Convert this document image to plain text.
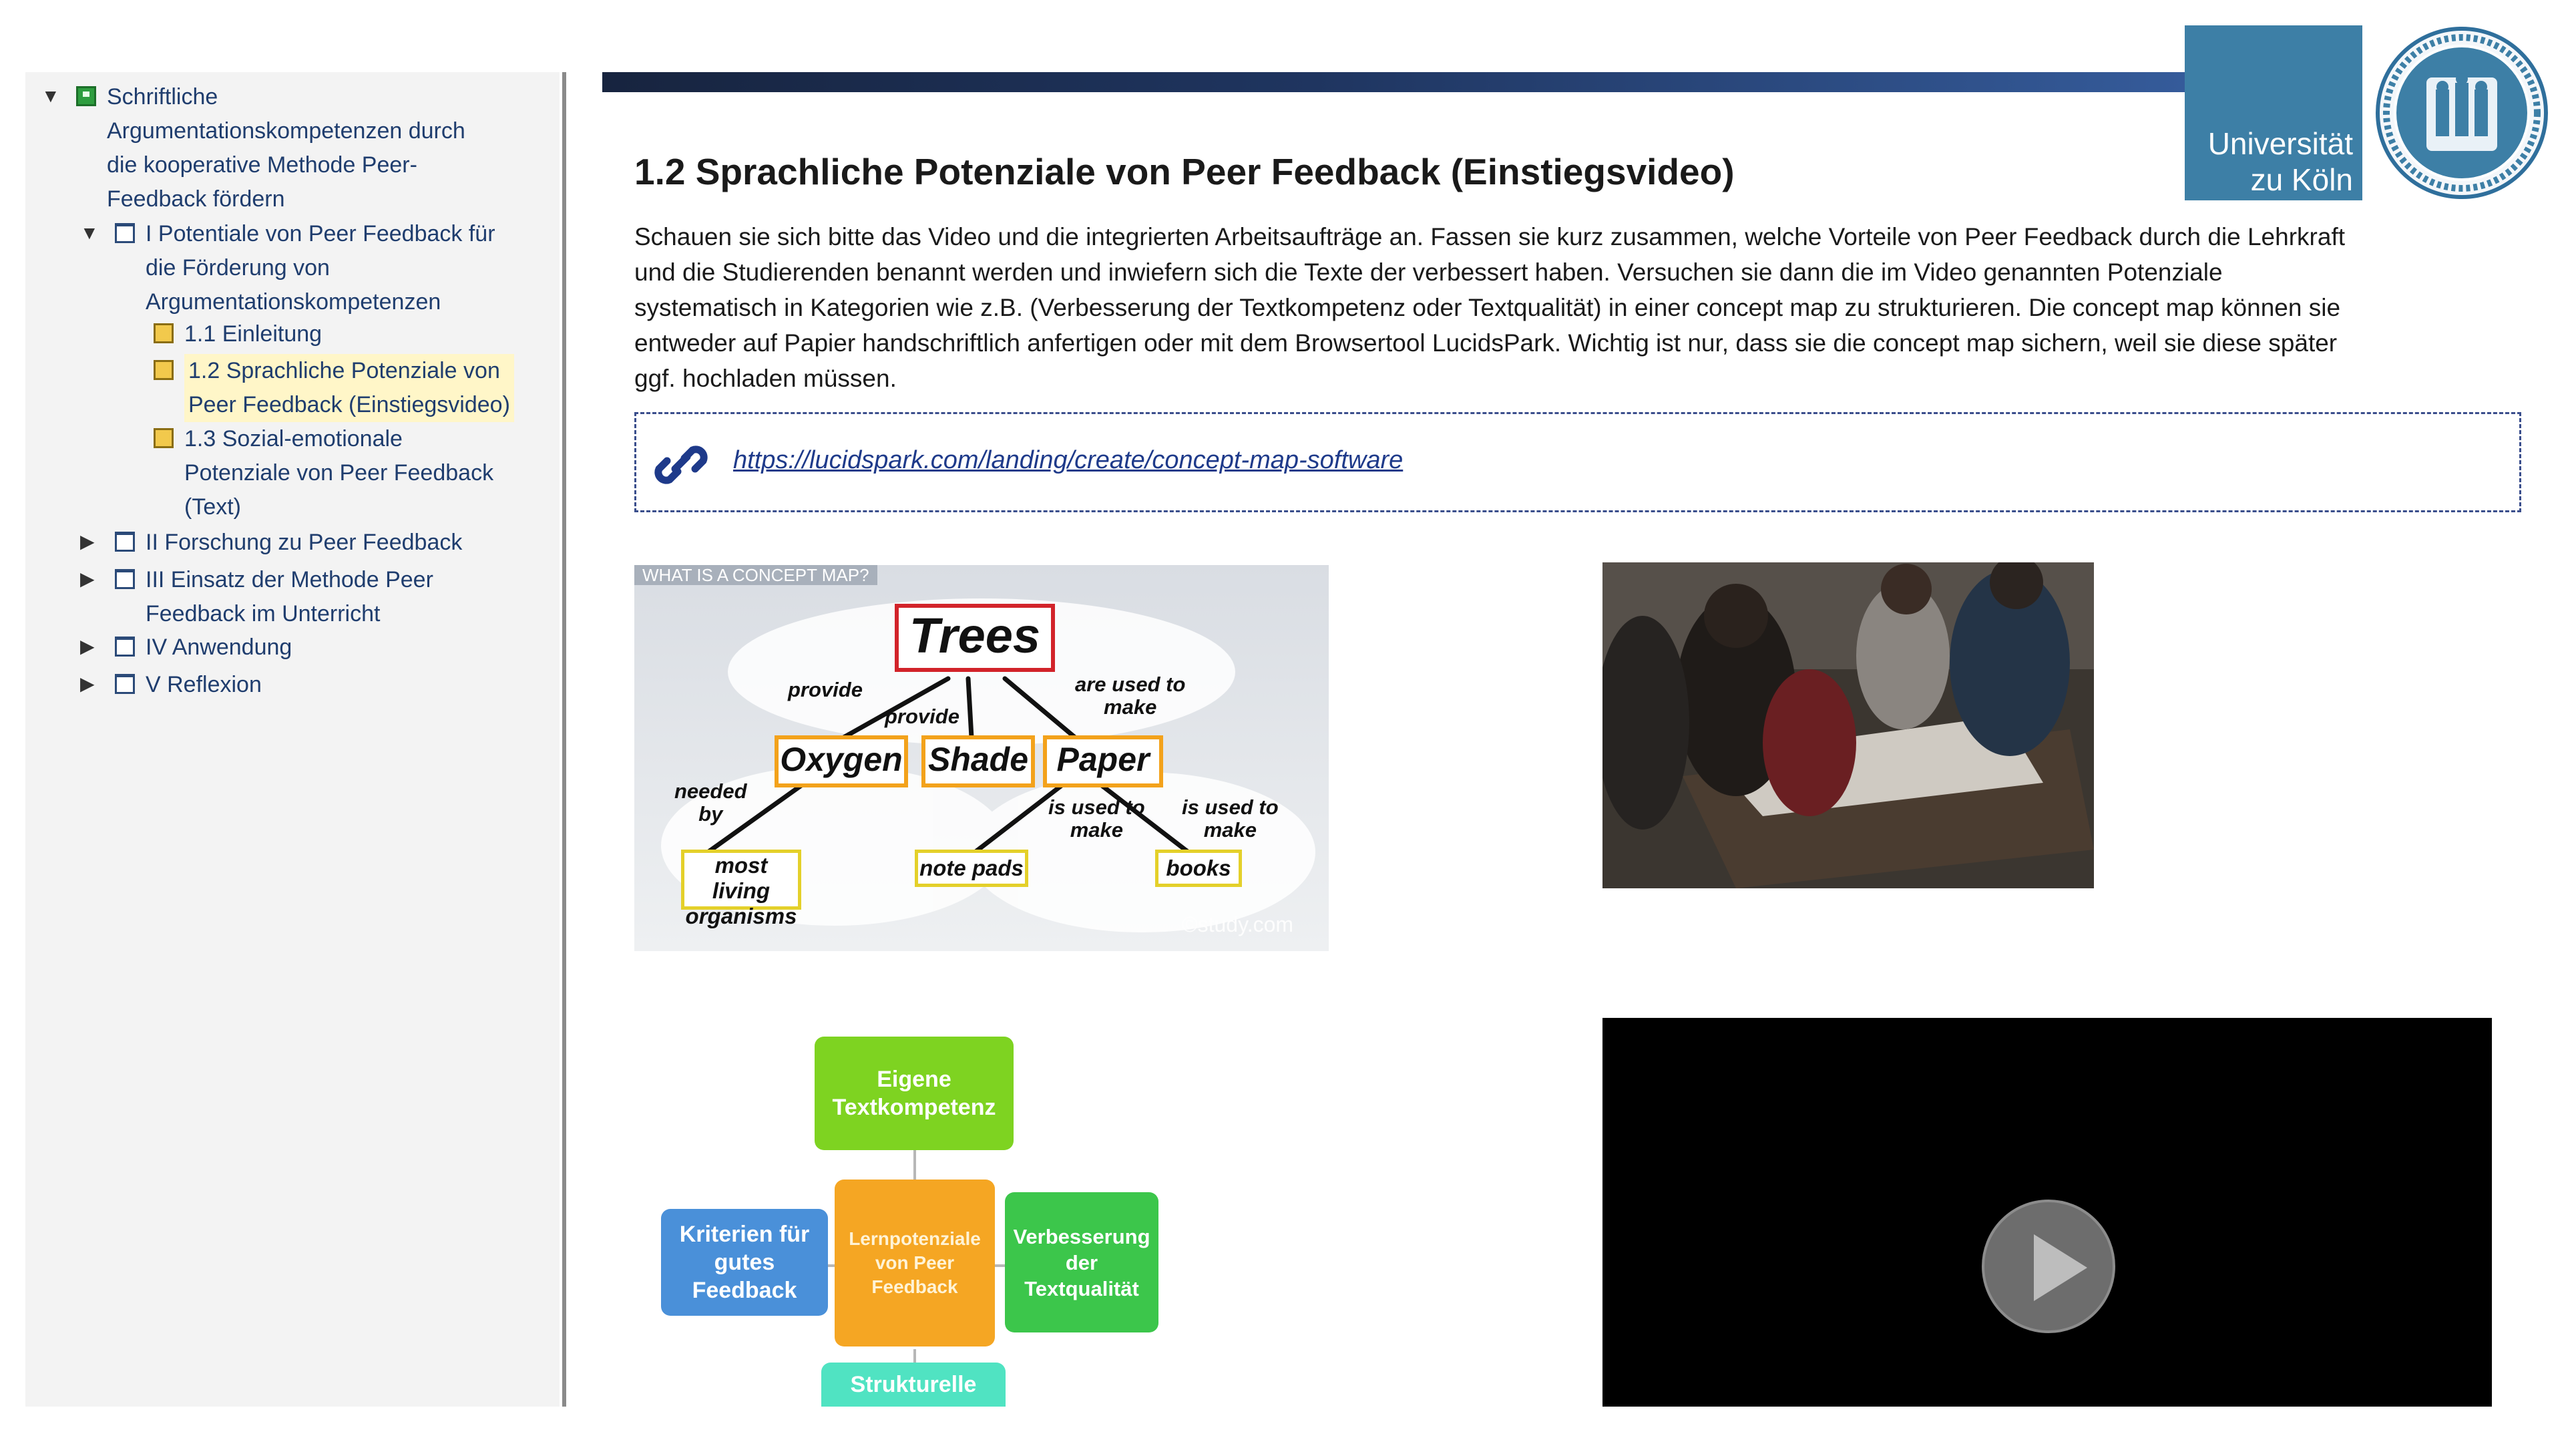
▼ Schriftliche
Argumentationskompetenzen durch
die kooperative Methode Peer-
Feedback fördern
▼ I Potentiale von Peer Feedback für
die Förderung von
Argumentationskompetenzen
1.1 Einleitung
1.2 Sprachliche Potenziale von
Peer Feedback (Einstiegsvideo)
1.3 Sozial-emotionale
Potenziale von Peer Feedback
(Text)
▶ II Forschung zu Peer Feedback
▶ III Einsatz der Methode Peer
Feedback im Unterricht
▶ IV Anwendung
▶ V Reflexion
Universität
zu Köln
1.2 Sprachliche Potenziale von Peer Feedback (Einstiegsvideo)
Schauen sie sich bitte das Video und die integrierten Arbeitsaufträge an. Fassen sie kurz zusammen, welche Vorteile von Peer Feedback durch die Lehrkraft
und die Studierenden benannt werden und inwiefern sich die Texte der verbessert haben. Versuchen sie dann die im Video genannten Potenziale
systematisch in Kategorien wie z.B. (Verbesserung der Textkompetenz oder Textqualität) in einer concept map zu strukturieren. Die concept map können sie
entweder auf Papier handschriftlich anfertigen oder mit dem Browsertool LucidsPark. Wichtig ist nur, dass sie die concept map sichern, weil sie diese später
ggf. hochladen müssen.
https://lucidspark.com/landing/create/concept-map-software
WHAT IS A CONCEPT MAP?
Trees
Oxygen Shade Paper
most living
organisms
note pads	books
provide
provide
are used to
make
needed
by	is used to
make
is used to
make
©study.com
Eigene
Textkompetenz
Lernpotenziale
von Peer
Feedback
Kriterien für
gutes
Feedback
Verbesserung
der
Textqualität
Strukturelle
